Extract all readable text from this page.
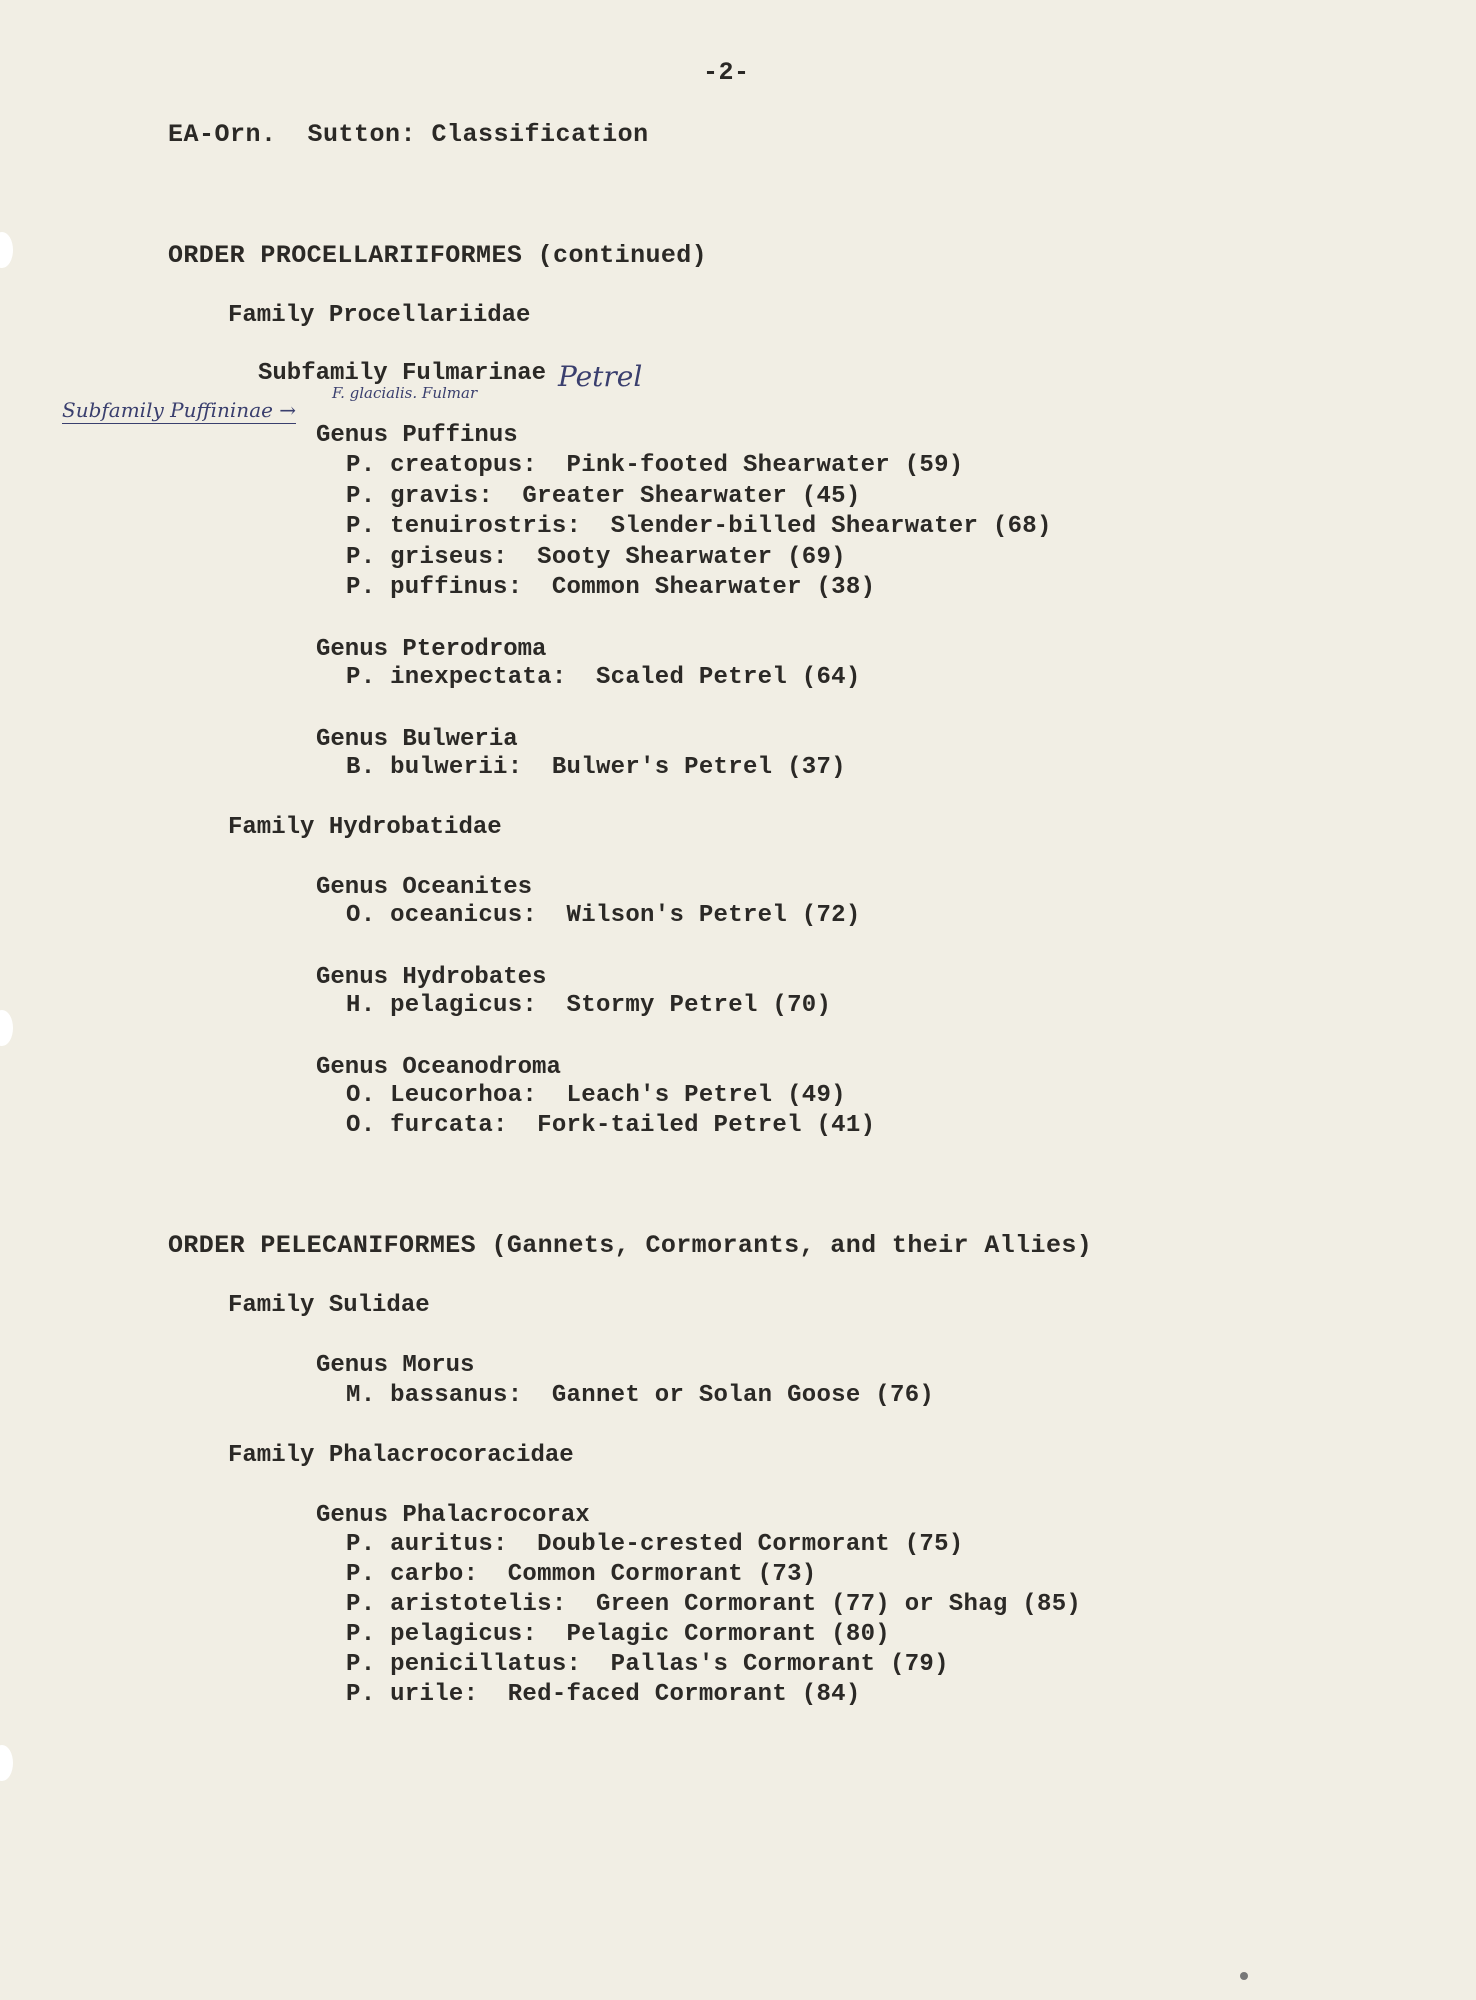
-2-
EA-Orn.  Sutton: Classification
ORDER PROCELLARIIFORMES (continued)
Family Procellariidae
Subfamily Fulmarinae Petrel
F. glacialis. Fulmar
Subfamily Puffininae →
Genus Puffinus
P. creatopus:  Pink-footed Shearwater (59)
P. gravis:  Greater Shearwater (45)
P. tenuirostris:  Slender-billed Shearwater (68)
P. griseus:  Sooty Shearwater (69)
P. puffinus:  Common Shearwater (38)
Genus Pterodroma
P. inexpectata:  Scaled Petrel (64)
Genus Bulweria
B. bulwerii:  Bulwer's Petrel (37)
Family Hydrobatidae
Genus Oceanites
O. oceanicus:  Wilson's Petrel (72)
Genus Hydrobates
H. pelagicus:  Stormy Petrel (70)
Genus Oceanodroma
O. Leucorhoa:  Leach's Petrel (49)
O. furcata:  Fork-tailed Petrel (41)
ORDER PELECANIFORMES (Gannets, Cormorants, and their Allies)
Family Sulidae
Genus Morus
M. bassanus:  Gannet or Solan Goose (76)
Family Phalacrocoracidae
Genus Phalacrocorax
P. auritus:  Double-crested Cormorant (75)
P. carbo:  Common Cormorant (73)
P. aristotelis:  Green Cormorant (77) or Shag (85)
P. pelagicus:  Pelagic Cormorant (80)
P. penicillatus:  Pallas's Cormorant (79)
P. urile:  Red-faced Cormorant (84)
